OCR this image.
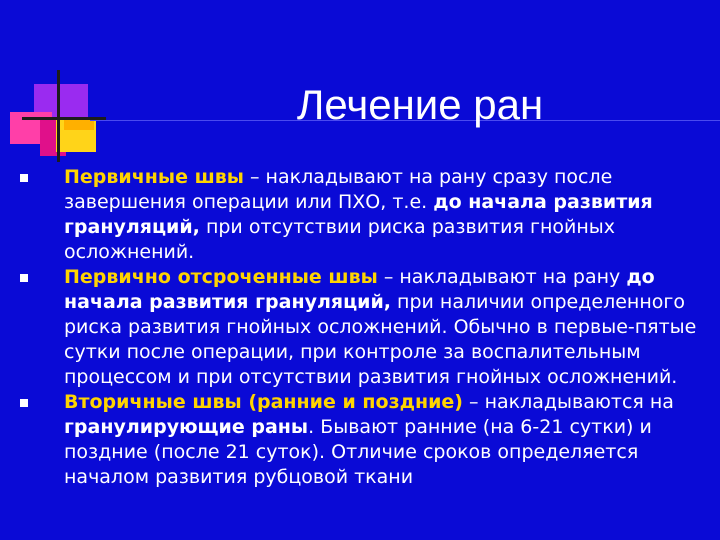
Лечение ран
Первичные швы – накладывают на рану сразу после завершения операции или ПХО, т.е. до начала развития грануляций, при отсутствии риска развития гнойных осложнений.
Первично отсроченные швы – накладывают на рану до начала развития грануляций, при наличии определенного риска развития гнойных осложнений. Обычно в первые-пятые сутки после операции, при контроле за воспалительным процессом и при отсутствии развития гнойных осложнений.
Вторичные швы (ранние и поздние) – накладываются на гранулирующие раны. Бывают ранние (на 6-21 сутки) и поздние (после 21 суток). Отличие сроков определяется началом развития рубцовой ткани
